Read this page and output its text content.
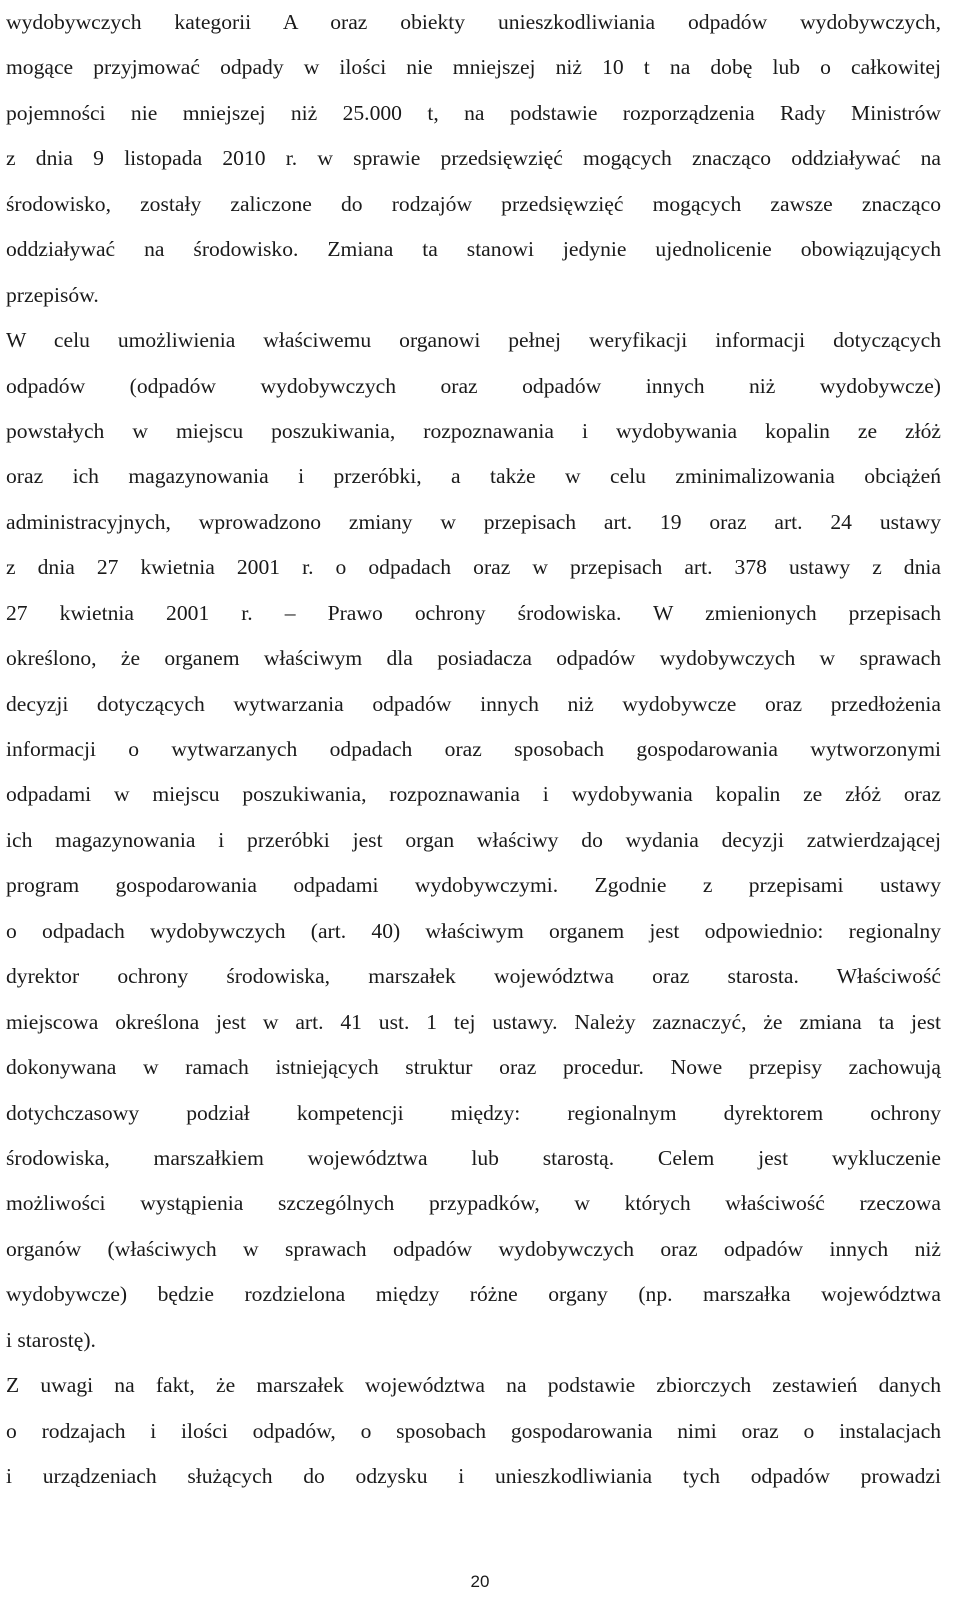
wydobywczych kategorii A oraz obiekty unieszkodliwiania odpadów wydobywczych,
mogące przyjmować odpady w ilości nie mniejszej niż 10 t na dobę lub o całkowitej
pojemności nie mniejszej niż 25.000 t, na podstawie rozporządzenia Rady Ministrów
z dnia 9 listopada 2010 r. w sprawie przedsięwzięć mogących znacząco oddziaływać na
środowisko, zostały zaliczone do rodzajów przedsięwzięć mogących zawsze znacząco
oddziaływać na środowisko. Zmiana ta stanowi jedynie ujednolicenie obowiązujących
przepisów.
W celu umożliwienia właściwemu organowi pełnej weryfikacji informacji dotyczących
odpadów (odpadów wydobywczych oraz odpadów innych niż wydobywcze)
powstałych w miejscu poszukiwania, rozpoznawania i wydobywania kopalin ze złóż
oraz ich magazynowania i przeróbki, a także w celu zminimalizowania obciążeń
administracyjnych, wprowadzono zmiany w przepisach art. 19 oraz art. 24 ustawy
z dnia 27 kwietnia 2001 r. o odpadach oraz w przepisach art. 378 ustawy z dnia
27 kwietnia 2001 r. – Prawo ochrony środowiska. W zmienionych przepisach
określono, że organem właściwym dla posiadacza odpadów wydobywczych w sprawach
decyzji dotyczących wytwarzania odpadów innych niż wydobywcze oraz przedłożenia
informacji o wytwarzanych odpadach oraz sposobach gospodarowania wytworzonymi
odpadami w miejscu poszukiwania, rozpoznawania i wydobywania kopalin ze złóż oraz
ich magazynowania i przeróbki jest organ właściwy do wydania decyzji zatwierdzającej
program gospodarowania odpadami wydobywczymi. Zgodnie z przepisami ustawy
o odpadach wydobywczych (art. 40) właściwym organem jest odpowiednio: regionalny
dyrektor ochrony środowiska, marszałek województwa oraz starosta. Właściwość
miejscowa określona jest w art. 41 ust. 1 tej ustawy. Należy zaznaczyć, że zmiana ta jest
dokonywana w ramach istniejących struktur oraz procedur. Nowe przepisy zachowują
dotychczasowy podział kompetencji między: regionalnym dyrektorem ochrony
środowiska, marszałkiem województwa lub starostą. Celem jest wykluczenie
możliwości wystąpienia szczególnych przypadków, w których właściwość rzeczowa
organów (właściwych w sprawach odpadów wydobywczych oraz odpadów innych niż
wydobywcze) będzie rozdzielona między różne organy (np. marszałka województwa
i starostę).
Z uwagi na fakt, że marszałek województwa na podstawie zbiorczych zestawień danych
o rodzajach i ilości odpadów, o sposobach gospodarowania nimi oraz o instalacjach
i urządzeniach służących do odzysku i unieszkodliwiania tych odpadów prowadzi
20
